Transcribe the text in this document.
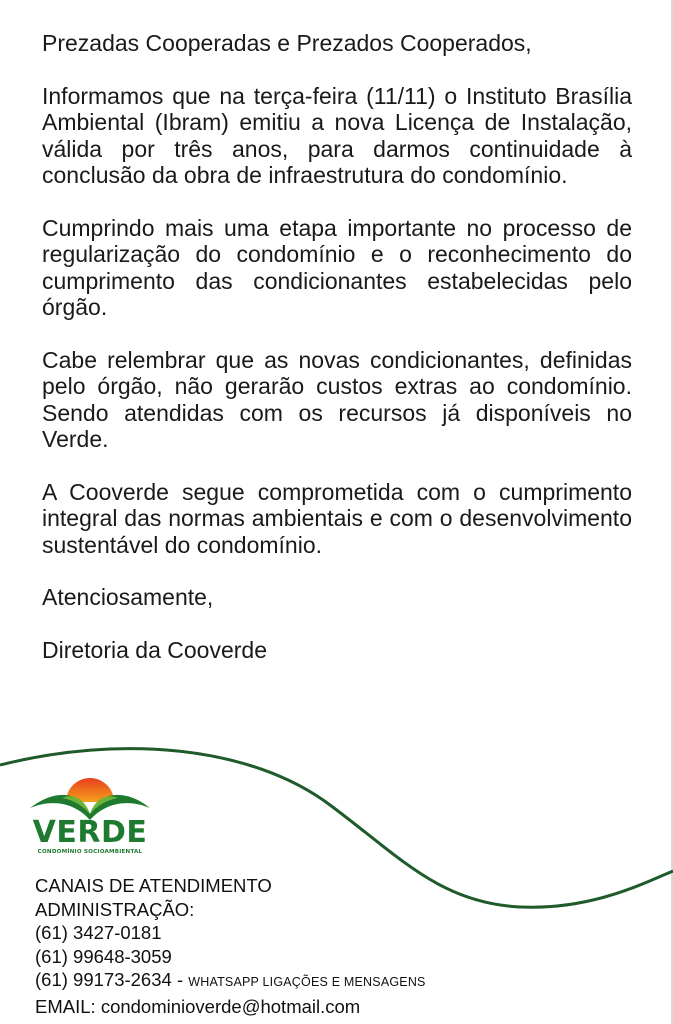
Prezadas Cooperadas e Prezados Cooperados,

Informamos que na terça-feira (11/11) o Instituto Brasília Ambiental (Ibram) emitiu a nova Licença de Instalação, válida por três anos, para darmos continuidade à conclusão da obra de infraestrutura do condomínio.

Cumprindo mais uma etapa importante no processo de regularização do condomínio e o reconhecimento do cumprimento das condicionantes estabelecidas pelo órgão.

Cabe relembrar que as novas condicionantes, definidas pelo órgão, não gerarão custos extras ao condomínio. Sendo atendidas com os recursos já disponíveis no Verde.

A Cooverde segue comprometida com o cumprimento integral das normas ambientais e com o desenvolvimento sustentável do condomínio.

Atenciosamente,

Diretoria da Cooverde

VERDE
CONDOMÍNIO SOCIOAMBIENTAL
CANAIS DE ATENDIMENTO
ADMINISTRAÇÃO:
(61) 3427-0181
(61) 99648-3059
(61) 99173-2634 - WHATSAPP LIGAÇÕES E MENSAGENS
EMAIL: condominioverde@hotmail.com
